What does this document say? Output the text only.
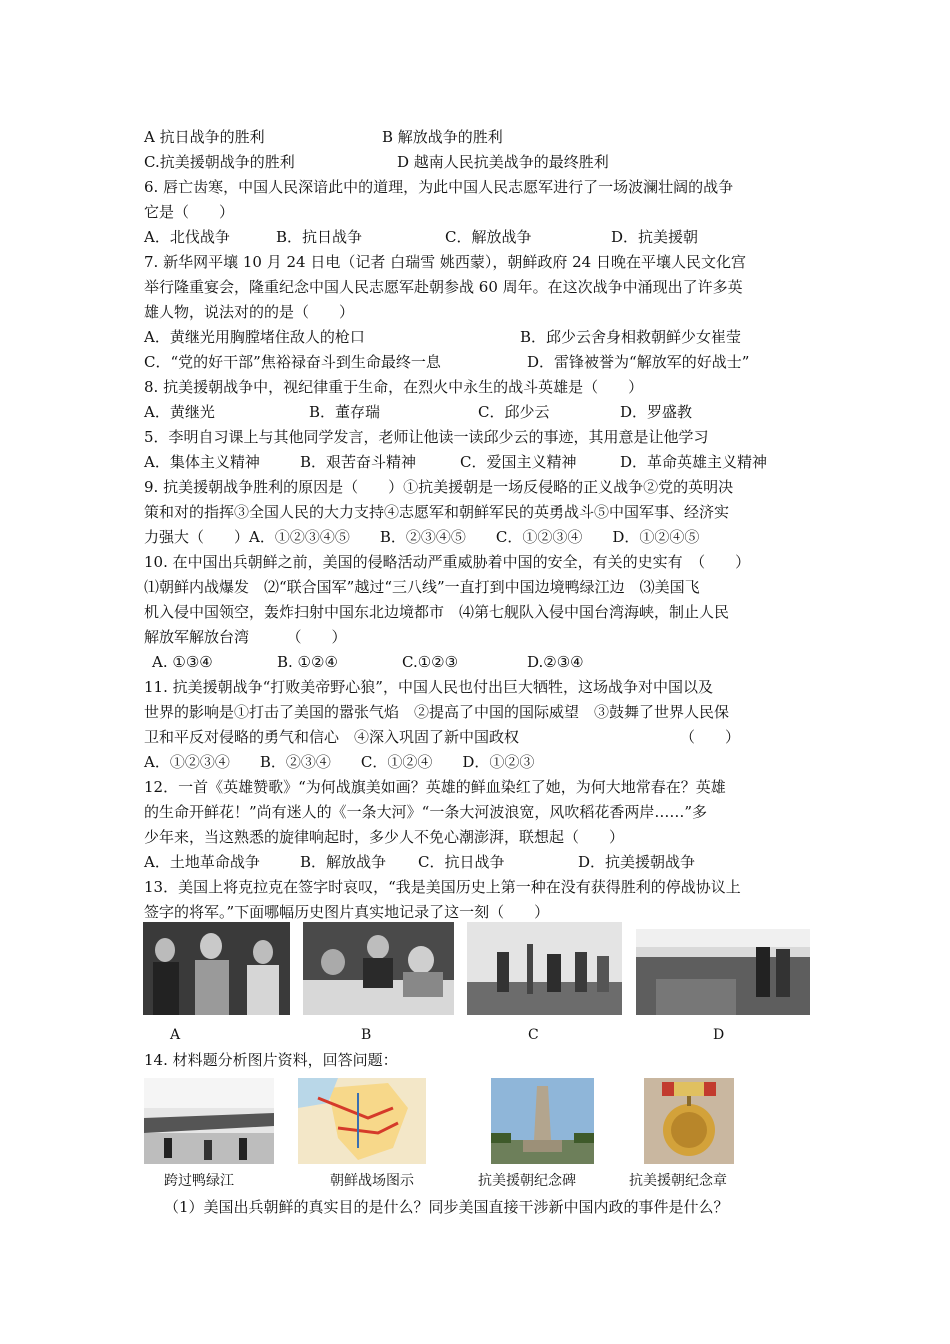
A 抗日战争的胜利	B 解放战争的胜利
C.抗美援朝战争的胜利	D 越南人民抗美战争的最终胜利
6. 唇亡齿寒，中国人民深谙此中的道理，为此中国人民志愿军进行了一场波澜壮阔的战争
它是（　　）
A．北伐战争	B．抗日战争	C．解放战争	D．抗美援朝
7. 新华网平壤 10 月 24 日电（记者 白瑞雪 姚西蒙），朝鲜政府 24 日晚在平壤人民文化宫
举行隆重宴会，隆重纪念中国人民志愿军赴朝参战 60 周年。在这次战争中涌现出了许多英
雄人物，说法对的的是（　　）
A．黄继光用胸膛堵住敌人的枪口	B．邱少云舍身相救朝鲜少女崔莹
C．“党的好干部”焦裕禄奋斗到生命最终一息	D．雷锋被誉为“解放军的好战士”
8. 抗美援朝战争中，视纪律重于生命，在烈火中永生的战斗英雄是（　　）
A．黄继光	B．董存瑞	C．邱少云	D．罗盛教
5．李明自习课上与其他同学发言，老师让他读一读邱少云的事迹，其用意是让他学习
A．集体主义精神	B．艰苦奋斗精神	C．爱国主义精神	D．革命英雄主义精神
9. 抗美援朝战争胜利的原因是（　　）①抗美援朝是一场反侵略的正义战争②党的英明决
策和对的指挥③全国人民的大力支持④志愿军和朝鲜军民的英勇战斗⑤中国军事、经济实
力强大（　　）A．①②③④⑤　　B．②③④⑤　　C．①②③④　　D．①②④⑤
10. 在中国出兵朝鲜之前，美国的侵略活动严重威胁着中国的安全，有关的史实有　（　　）
⑴朝鲜内战爆发　⑵“联合国军”越过“三八线”一直打到中国边境鸭绿江边　⑶美国飞
机入侵中国领空，轰炸扫射中国东北边境都市　⑷第七舰队入侵中国台湾海峡，制止人民
解放军解放台湾　　　（　　）
A. ①③④	B. ①②④	C.①②③	D.②③④
11. 抗美援朝战争“打败美帝野心狼”，中国人民也付出巨大牺牲，这场战争对中国以及
世界的影响是①打击了美国的嚣张气焰　②提高了中国的国际威望　③鼓舞了世界人民保
卫和平反对侵略的勇气和信心　④深入巩固了新中国政权	（　　）
A．①②③④　　B．②③④　　C．①②④　　D．①②③
12．一首《英雄赞歌》“为何战旗美如画？英雄的鲜血染红了她，为何大地常春在？英雄
的生命开鲜花！”尚有迷人的《一条大河》“一条大河波浪宽，风吹稻花香两岸……”多
少年来，当这熟悉的旋律响起时，多少人不免心潮澎湃，联想起（　　）
A．土地革命战争	B．解放战争 C．抗日战争	D．抗美援朝战争
13．美国上将克拉克在签字时哀叹，“我是美国历史上第一种在没有获得胜利的停战协议上
签字的将军。”下面哪幅历史图片真实地记录了这一刻（　　）
A	B	C	D
14. 材料题分析图片资料，回答问题：
跨过鸭绿江	朝鲜战场图示	抗美援朝纪念碑	抗美援朝纪念章
（1）美国出兵朝鲜的真实目的是什么？同步美国直接干涉新中国内政的事件是什么？
